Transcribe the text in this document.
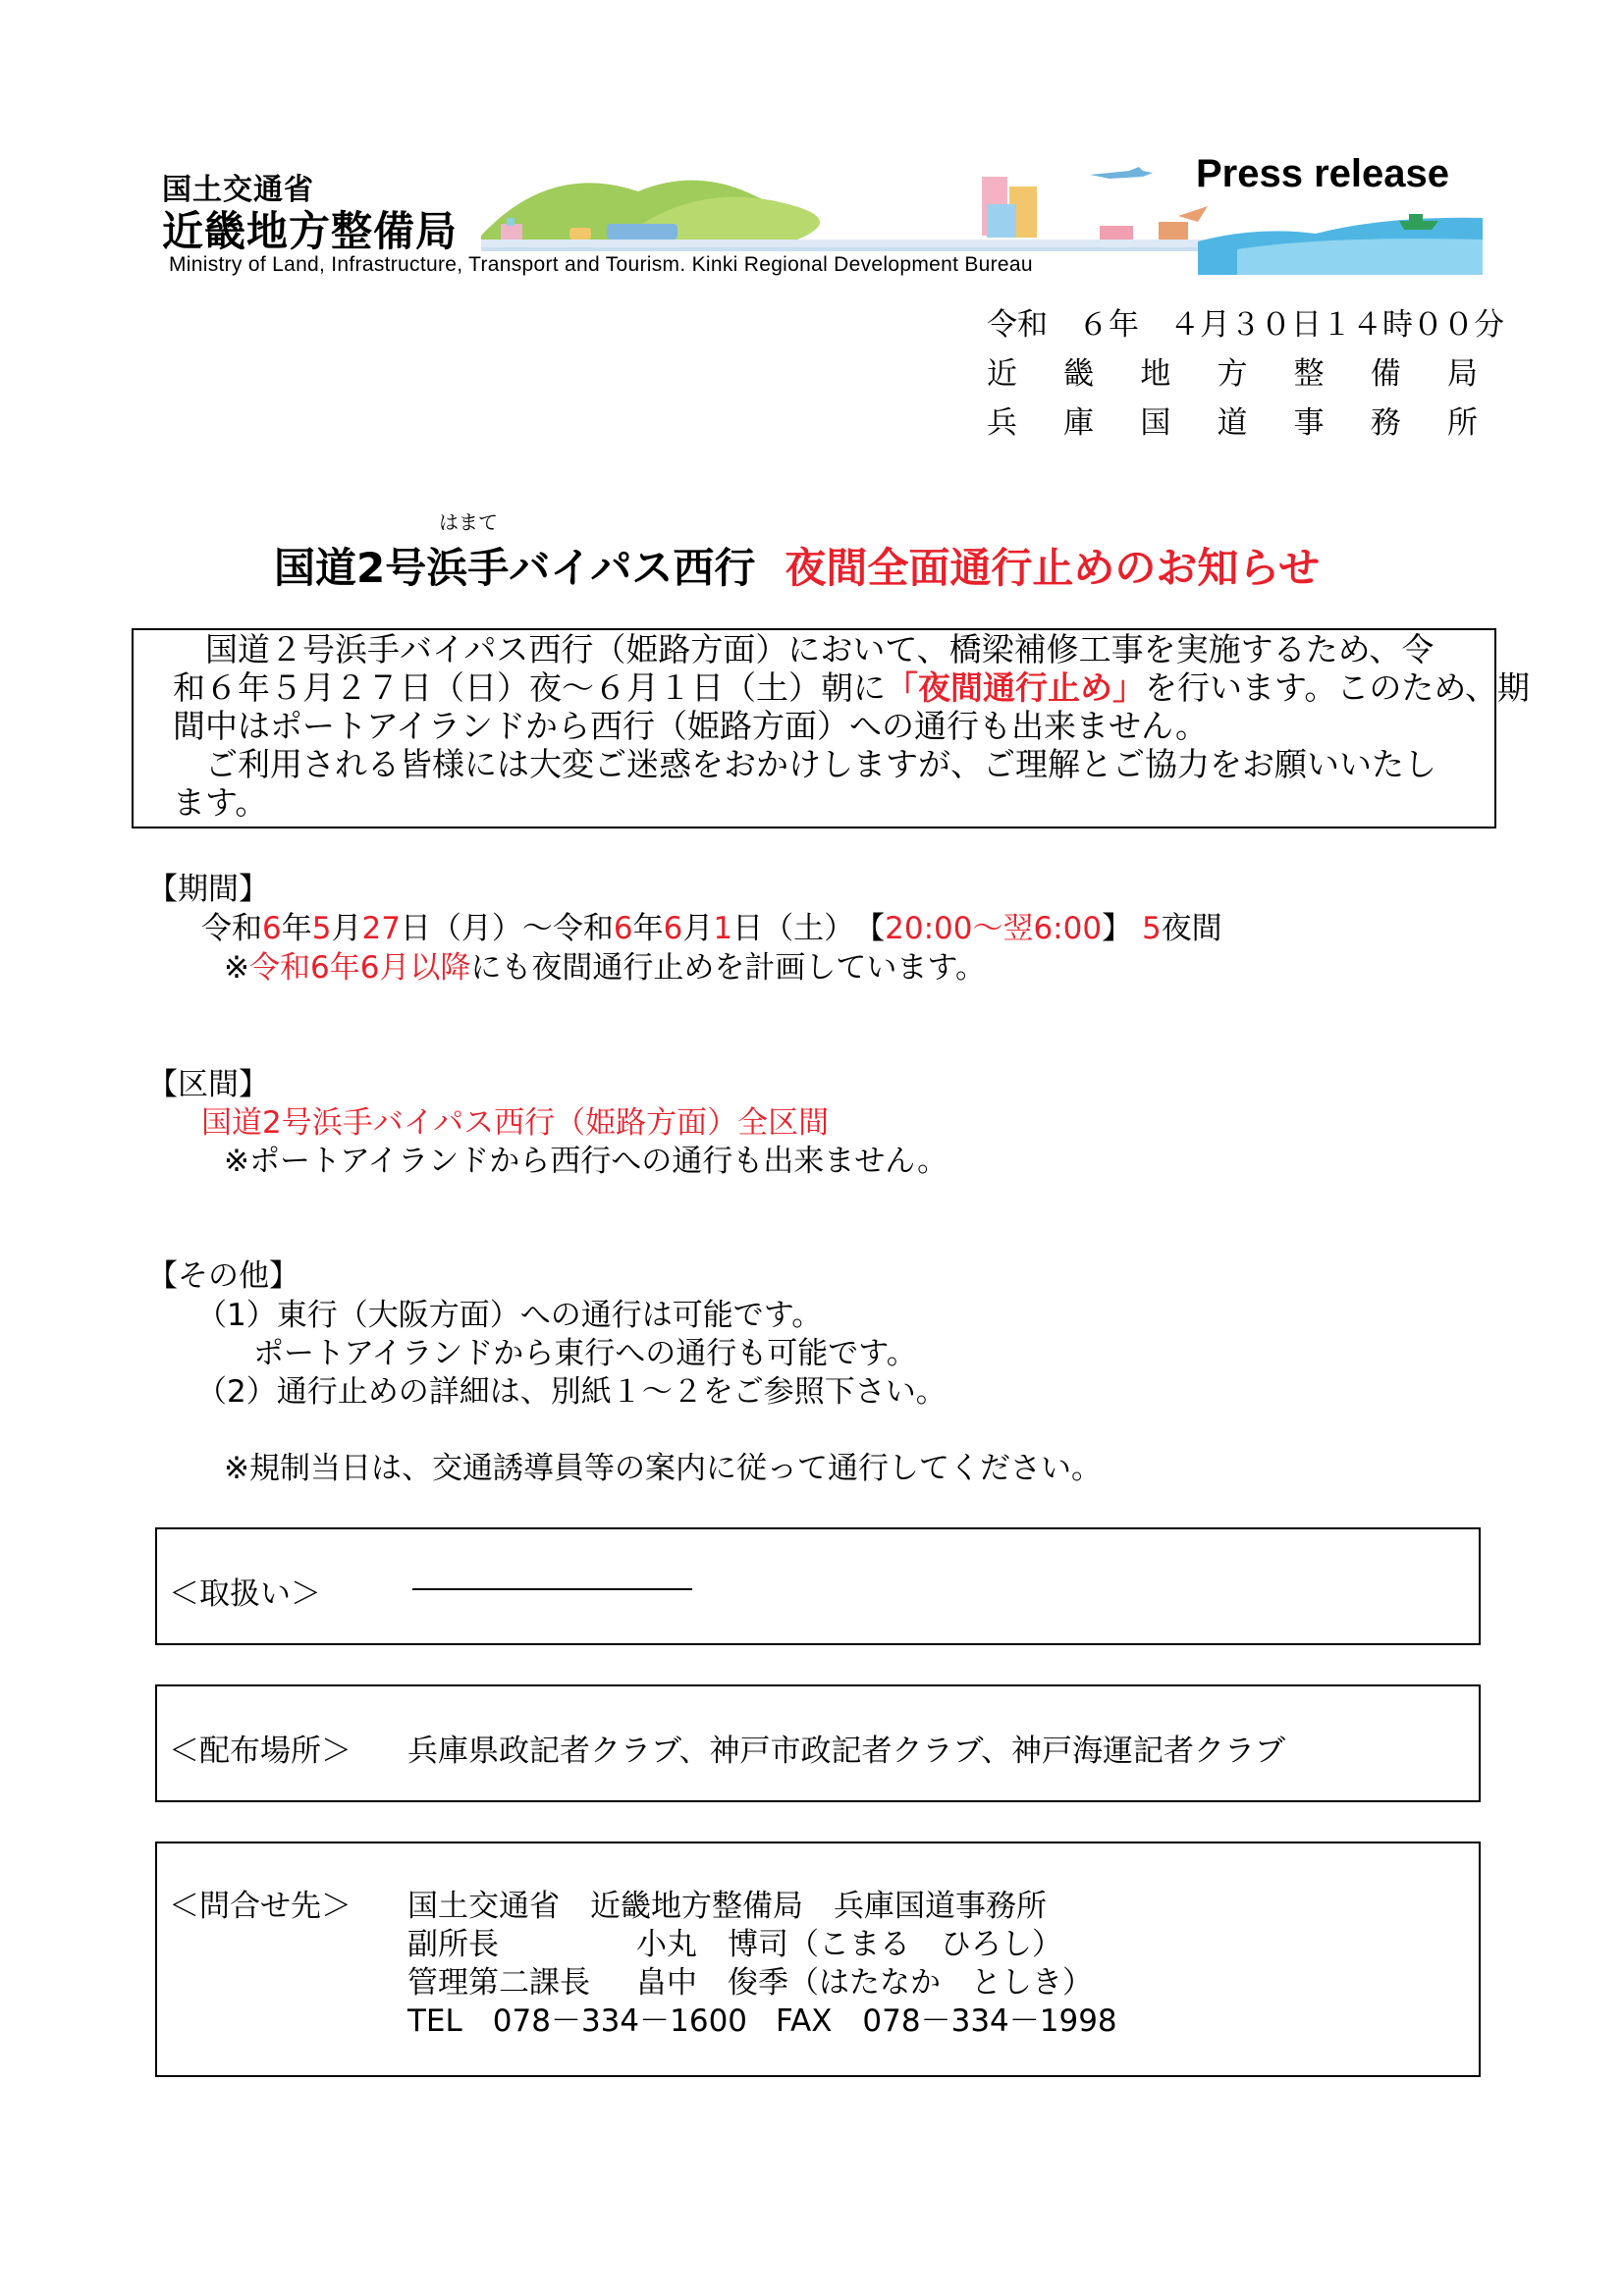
国土交通省
近畿地方整備局
Ministry of Land, Infrastructure, Transport and Tourism. Kinki Regional Development Bureau
Press release
令和　６年　４月３０日１４時００分
近 畿 地 方 整 備 局
兵 庫 国 道 事 務 所
はまて
国道2号浜手バイパス西行 夜間全面通行止めのお知らせ
　国道２号浜手バイパス西行（姫路方面）において、橋梁補修工事を実施するため、令
和６年５月２７日（日）夜～６月１日（土）朝に「夜間通行止め」を行います。このため、期
間中はポートアイランドから西行（姫路方面）への通行も出来ません。
　ご利用される皆様には大変ご迷惑をおかけしますが、ご理解とご協力をお願いいたし
ます。
【期間】
令和6年5月27日（月）～令和6年6月1日（土）　【20:00～翌6:00】 5夜間
※令和6年6月以降にも夜間通行止めを計画しています。
【区間】
国道2号浜手バイパス西行（姫路方面）全区間
※ポートアイランドから西行への通行も出来ません。
【その他】
（1）東行（大阪方面）への通行は可能です。
ポートアイランドから東行への通行も可能です。
（2）通行止めの詳細は、別紙１～２をご参照下さい。
※規制当日は、交通誘導員等の案内に従って通行してください。
＜取扱い＞
＜配布場所＞ 兵庫県政記者クラブ、神戸市政記者クラブ、神戸海運記者クラブ
＜問合せ先＞ 国土交通省　近畿地方整備局　兵庫国道事務所
副所長	小丸　博司（こまる　ひろし）
管理第二課長 畠中　俊季（はたなか　としき）
TEL　078－334－1600 FAX　078－334－1998
